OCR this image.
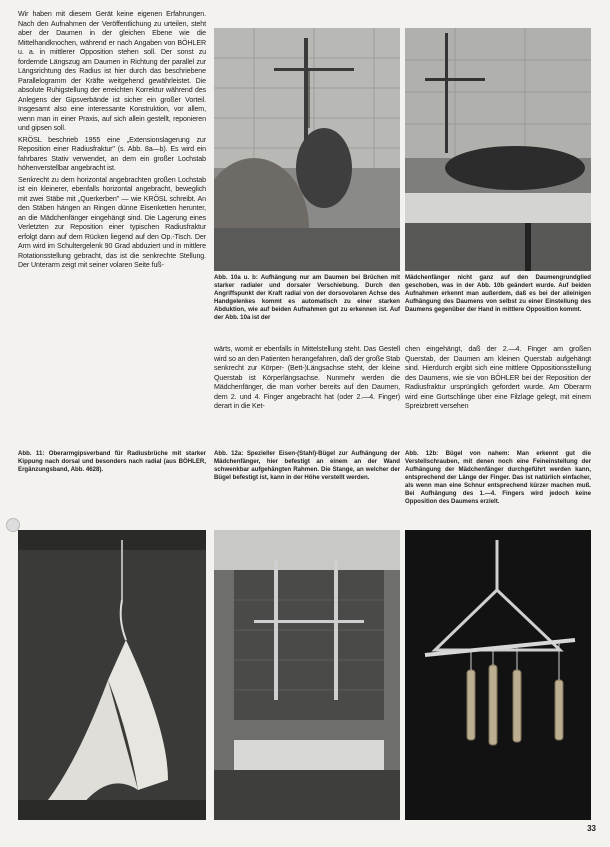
Wir haben mit diesem Gerät keine eigenen Erfahrungen. Nach den Aufnahmen der Veröffentlichung zu urteilen, steht aber der Daumen in der gleichen Ebene wie die Mittelhandknochen, während er nach Angaben von BÖHLER u. a. in mittlerer Opposition stehen soll. Der sonst zu fordernde Längszug am Daumen in Richtung der parallel zur Längsrichtung des Radius ist hier durch das beschriebene Parallelogramm der Kräfte weitgehend gewährleistet. Die absolute Ruhigstellung der erreichten Korrektur während des Anlegens der Gipsverbände ist sicher ein großer Vorteil. Insgesamt also eine interessante Konstruktion, vor allem, wenn man in einer Praxis, auf sich allein gestellt, reponieren und gipsen soll.

KRÖSL beschrieb 1955 eine „Extensionslagerung zur Reposition einer Radiusfraktur" (s. Abb. 8a—b). Es wird ein fahrbares Stativ verwendet, an dem ein großer Lochstab höhenverstellbar angebracht ist.

Senkrecht zu dem horizontal angebrachten großen Lochstab ist ein kleinerer, ebenfalls horizontal angebracht, beweglich mit zwei Stäbe mit „Querkerben" — wie KRÖSL schreibt. An den Stäben hängen an Ringen dünne Eisenketten herunter, an die Mädchenfänger eingehängt sind. Die Lagerung eines Verletzten zur Reposition einer typischen Radiusfraktur erfolgt dann auf dem Rücken liegend auf den Op.-Tisch. Der Arm wird im Schultergelenk 90 Grad abduziert und in mittlere Rotationsstellung gebracht, das ist die senkrechte Stellung. Der Unterarm zeigt mit seiner volaren Seite fuß-

Abb. 10a u. b: Aufhängung nur am Daumen bei Brüchen mit starker radialer und dorsaler Verschiebung. Durch den Angriffspunkt der Kraft radial von der dorsovolaren Achse des Handgelenkes kommt es automatisch zu einer starken Abduktion, wie auf beiden Aufnahmen gut zu erkennen ist. Auf der Abb. 10a ist der
Mädchenfänger nicht ganz auf den Daumengrundglied geschoben, was in der Abb. 10b geändert wurde. Auf beiden Aufnahmen erkennt man außerdem, daß es bei der alleinigen Aufhängung des Daumens von selbst zu einer Einstellung des Daumens gegenüber der Hand in mittlere Opposition kommt.
wärts, womit er ebenfalls in Mittelstellung steht. Das Gestell wird so an den Patienten herangefahren, daß der große Stab senkrecht zur Körper- (Bett-)Längsachse steht, der kleine Querstab ist Körperlängsachse. Nunmehr werden die Mädchenfänger, die man vorher bereits auf den Daumen, dem 2. und 4. Finger angebracht hat (oder 2.—4. Finger) derart in die Ket-
chen eingehängt, daß der 2.—4. Finger am großen Querstab, der Daumen am kleinen Querstab aufgehängt sind. Hierdurch ergibt sich eine mittlere Oppositionsstellung des Daumens, wie sie von BÖHLER bei der Reposition der Radiusfraktur ursprünglich gefordert wurde. Am Oberarm wird eine Gurtschlinge über eine Filzlage gelegt, mit einem Spreizbrett versehen
Abb. 11: Oberarmgipsverband für Radiusbrüche mit starker Kippung nach dorsal und besonders nach radial (aus BÖHLER, Ergänzungsband, Abb. 4628).
Abb. 12a: Spezieller Eisen-(Stahl)-Bügel zur Aufhängung der Mädchenfänger, hier befestigt an einem an der Wand schwenkbar aufgehängten Rahmen. Die Stange, an welcher der Bügel befestigt ist, kann in der Höhe verstellt werden.
Abb. 12b: Bügel von nahem: Man erkennt gut die Verstellschrauben, mit denen noch eine Feineinstellung der Aufhängung der Mädchenfänger durchgeführt werden kann, entsprechend der Länge der Finger. Das ist natürlich einfacher, als wenn man eine Schnur entsprechend kürzer machen muß. Bei Aufhängung des 1.—4. Fingers wird jedoch keine Opposition des Daumens erzielt.
33
